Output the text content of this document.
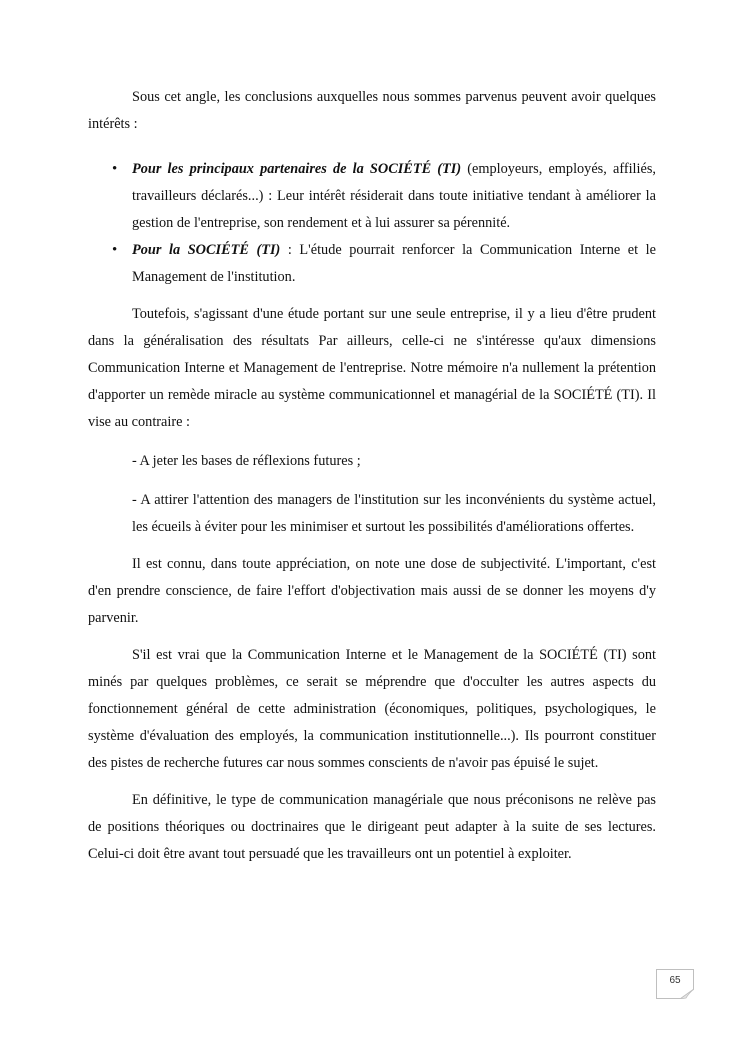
Sous cet angle, les conclusions auxquelles nous sommes parvenus peuvent avoir quelques intérêts :

• Pour les principaux partenaires de la SOCIÉTÉ (TI) (employeurs, employés, affiliés, travailleurs déclarés...) : Leur intérêt résiderait dans toute initiative tendant à améliorer la gestion de l'entreprise, son rendement et à lui assurer sa pérennité.
• Pour la SOCIÉTÉ (TI) : L'étude pourrait renforcer la Communication Interne et le Management de l'institution.

Toutefois, s'agissant d'une étude portant sur une seule entreprise, il y a lieu d'être prudent dans la généralisation des résultats Par ailleurs, celle-ci ne s'intéresse qu'aux dimensions Communication Interne et Management de l'entreprise. Notre mémoire n'a nullement la prétention d'apporter un remède miracle au système communicationnel et managérial de la SOCIÉTÉ (TI). Il vise au contraire :

- A jeter les bases de réflexions futures ;

- A attirer l'attention des managers de l'institution sur les inconvénients du système actuel, les écueils à éviter pour les minimiser et surtout les possibilités d'améliorations offertes.

Il est connu, dans toute appréciation, on note une dose de subjectivité. L'important, c'est d'en prendre conscience, de faire l'effort d'objectivation mais aussi de se donner les moyens d'y parvenir.

S'il est vrai que la Communication Interne et le Management de la SOCIÉTÉ (TI) sont minés par quelques problèmes, ce serait se méprendre que d'occulter les autres aspects du fonctionnement général de cette administration (économiques, politiques, psychologiques, le système d'évaluation des employés, la communication institutionnelle...). Ils pourront constituer des pistes de recherche futures car nous sommes conscients de n'avoir pas épuisé le sujet.

En définitive, le type de communication managériale que nous préconisons ne relève pas de positions théoriques ou doctrinaires que le dirigeant peut adapter à la suite de ses lectures. Celui-ci doit être avant tout persuadé que les travailleurs ont un potentiel à exploiter.

65
